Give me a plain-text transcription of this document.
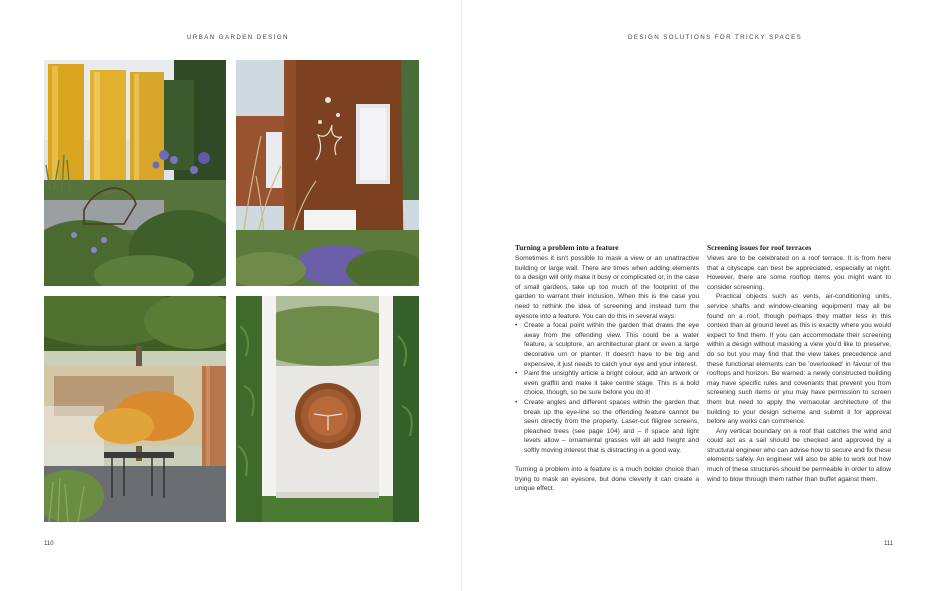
URBAN GARDEN DESIGN
110
DESIGN SOLUTIONS FOR TRICKY SPACES
111
Turning a problem into a feature

Sometimes it isn't possible to mask a view or an unattractive building or large wall. There are times when adding elements to a design will only make it busy or complicated or, in the case of small gardens, take up too much of the footprint of the garden to warrant their inclusion. When this is the case you need to rethink the idea of screening and instead turn the eyesore into a feature. You can do this in several ways:

• Create a focal point within the garden that draws the eye away from the offending view. This could be a water feature, a sculpture, an architectural plant or even a large decorative urn or planter. It doesn't have to be big and expensive, it just needs to catch your eye and your interest.
• Paint the unsightly article a bright colour, add an artwork or even graffiti and make it take centre stage. This is a bold choice, though, so be sure before you do it!
• Create angles and different spaces within the garden that break up the eye-line so the offending feature cannot be seen directly from the property. Laser-cut filigree screens, pleached trees (see page 104) and – if space and light levels allow – ornamental grasses will all add height and softly moving interest that is distracting in a good way.

Turning a problem into a feature is a much bolder choice than trying to mask an eyesore, but done cleverly it can create a unique effect.

Screening issues for roof terraces

Views are to be celebrated on a roof terrace. It is from here that a cityscape can best be appreciated, especially at night. However, there are some rooftop items you might want to consider screening.

Practical objects such as vents, air-conditioning units, service shafts and window-cleaning equipment may all be found on a roof, though perhaps they matter less in this context than at ground level as this is exactly where you would expect to find them. If you can accommodate their screening within a design without masking a view you'd like to preserve, do so but you may find that the view takes precedence and these functional elements can be 'overlooked' in favour of the rooftops and horizon. Be warned: a newly constructed building may have specific rules and covenants that prevent you from screening such items or you may have permission to screen them but need to apply the vernacular architecture of the building to your design scheme and submit it for approval before any works can commence.

Any vertical boundary on a roof that catches the wind and could act as a sail should be checked and approved by a structural engineer who can advise how to secure and fix these elements safely. An engineer will also be able to work out how much of these structures should be permeable in order to allow wind to blow through them rather than buffet against them.
